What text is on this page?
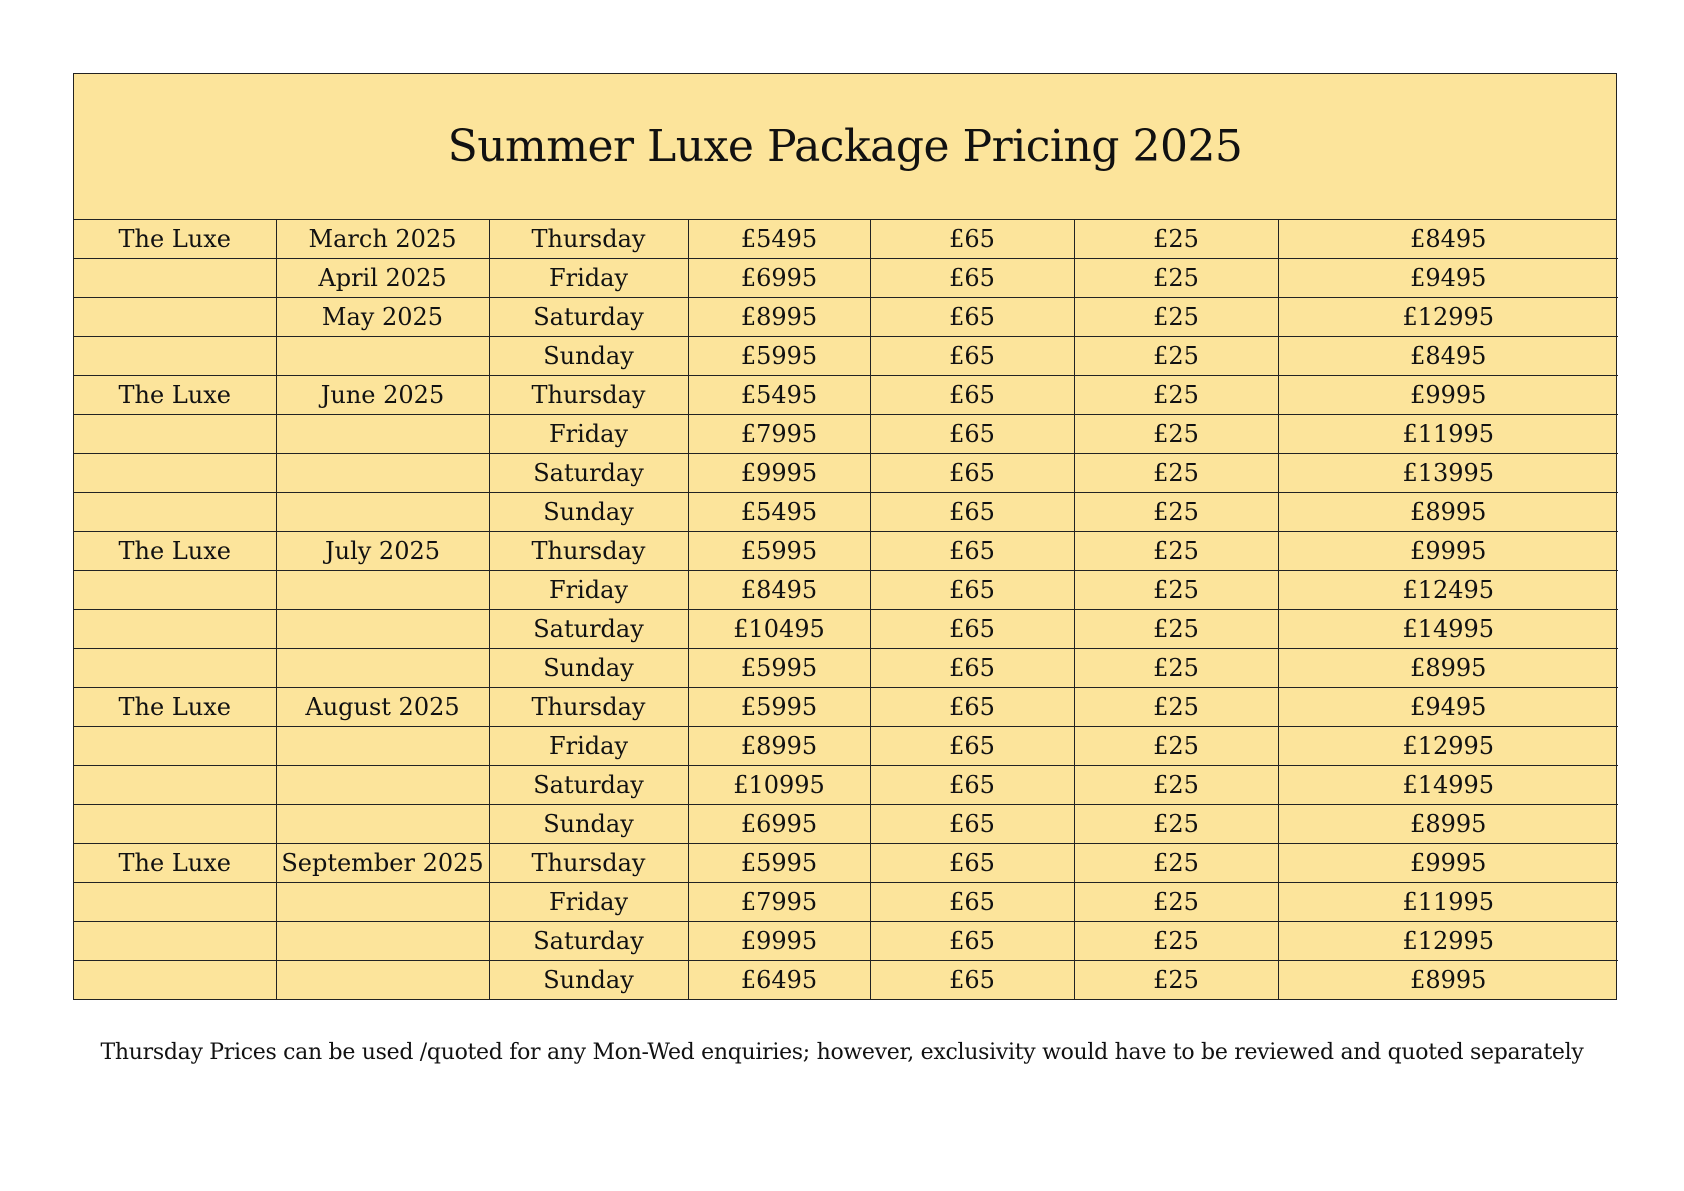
Summer Luxe Package Pricing 2025
The Luxe	March 2025	Thursday	£5495	£65	£25	£8495
	April 2025	Friday	£6995	£65	£25	£9495
	May 2025	Saturday	£8995	£65	£25	£12995
		Sunday	£5995	£65	£25	£8495
The Luxe	June 2025	Thursday	£5495	£65	£25	£9995
		Friday	£7995	£65	£25	£11995
		Saturday	£9995	£65	£25	£13995
		Sunday	£5495	£65	£25	£8995
The Luxe	July 2025	Thursday	£5995	£65	£25	£9995
		Friday	£8495	£65	£25	£12495
		Saturday	£10495	£65	£25	£14995
		Sunday	£5995	£65	£25	£8995
The Luxe	August 2025	Thursday	£5995	£65	£25	£9495
		Friday	£8995	£65	£25	£12995
		Saturday	£10995	£65	£25	£14995
		Sunday	£6995	£65	£25	£8995
The Luxe	September 2025	Thursday	£5995	£65	£25	£9995
		Friday	£7995	£65	£25	£11995
		Saturday	£9995	£65	£25	£12995
		Sunday	£6495	£65	£25	£8995
Thursday Prices can be used /quoted for any Mon-Wed enquiries; however, exclusivity would have to be reviewed and quoted separately
